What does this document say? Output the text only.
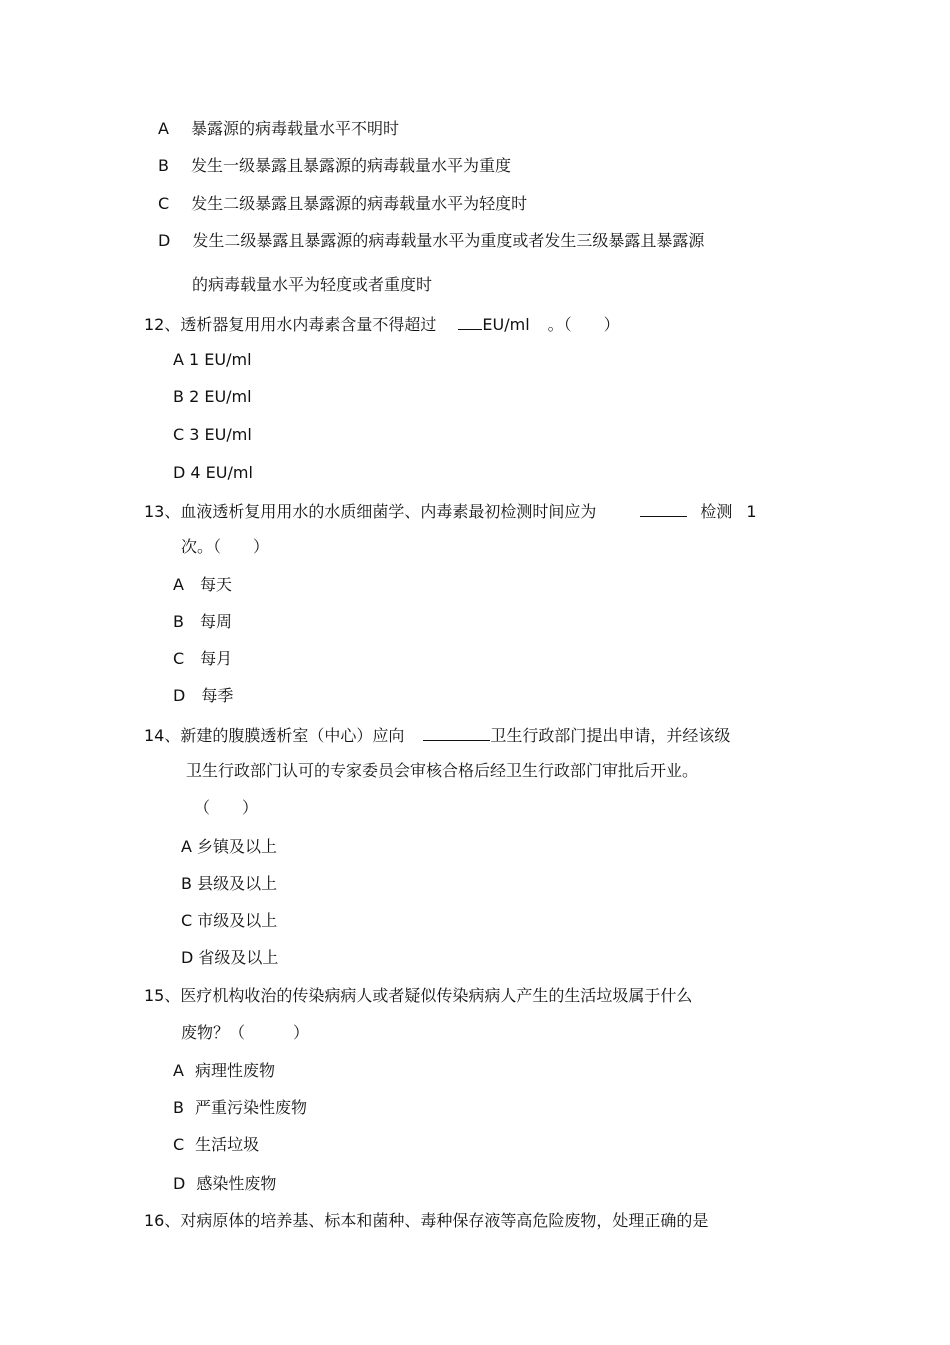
A 暴露源的病毒载量水平不明时
B 发生一级暴露且暴露源的病毒载量水平为重度
C 发生二级暴露且暴露源的病毒载量水平为轻度时
D 发生二级暴露且暴露源的病毒载量水平为重度或者发生三级暴露且暴露源
的病毒载量水平为轻度或者重度时
12、透析器复用用水内毒素含量不得超过	EU/ml 。（　　）
A 1 EU/ml
B 2 EU/ml
C 3 EU/ml
D 4 EU/ml
13、血液透析复用用水的水质细菌学、内毒素最初检测时间应为	检测 1
次。（　　）
A 每天
B 每周
C 每月
D 每季
14、新建的腹膜透析室（中心）应向	卫生行政部门提出申请，并经该级
卫生行政部门认可的专家委员会审核合格后经卫生行政部门审批后开业。
（　　）
A 乡镇及以上
B 县级及以上
C 市级及以上
D 省级及以上
15、医疗机构收治的传染病病人或者疑似传染病病人产生的生活垃圾属于什么
废物？（　　　）
A 病理性废物
B 严重污染性废物
C 生活垃圾
D 感染性废物
16、对病原体的培养基、标本和菌种、毒种保存液等高危险废物，处理正确的是
